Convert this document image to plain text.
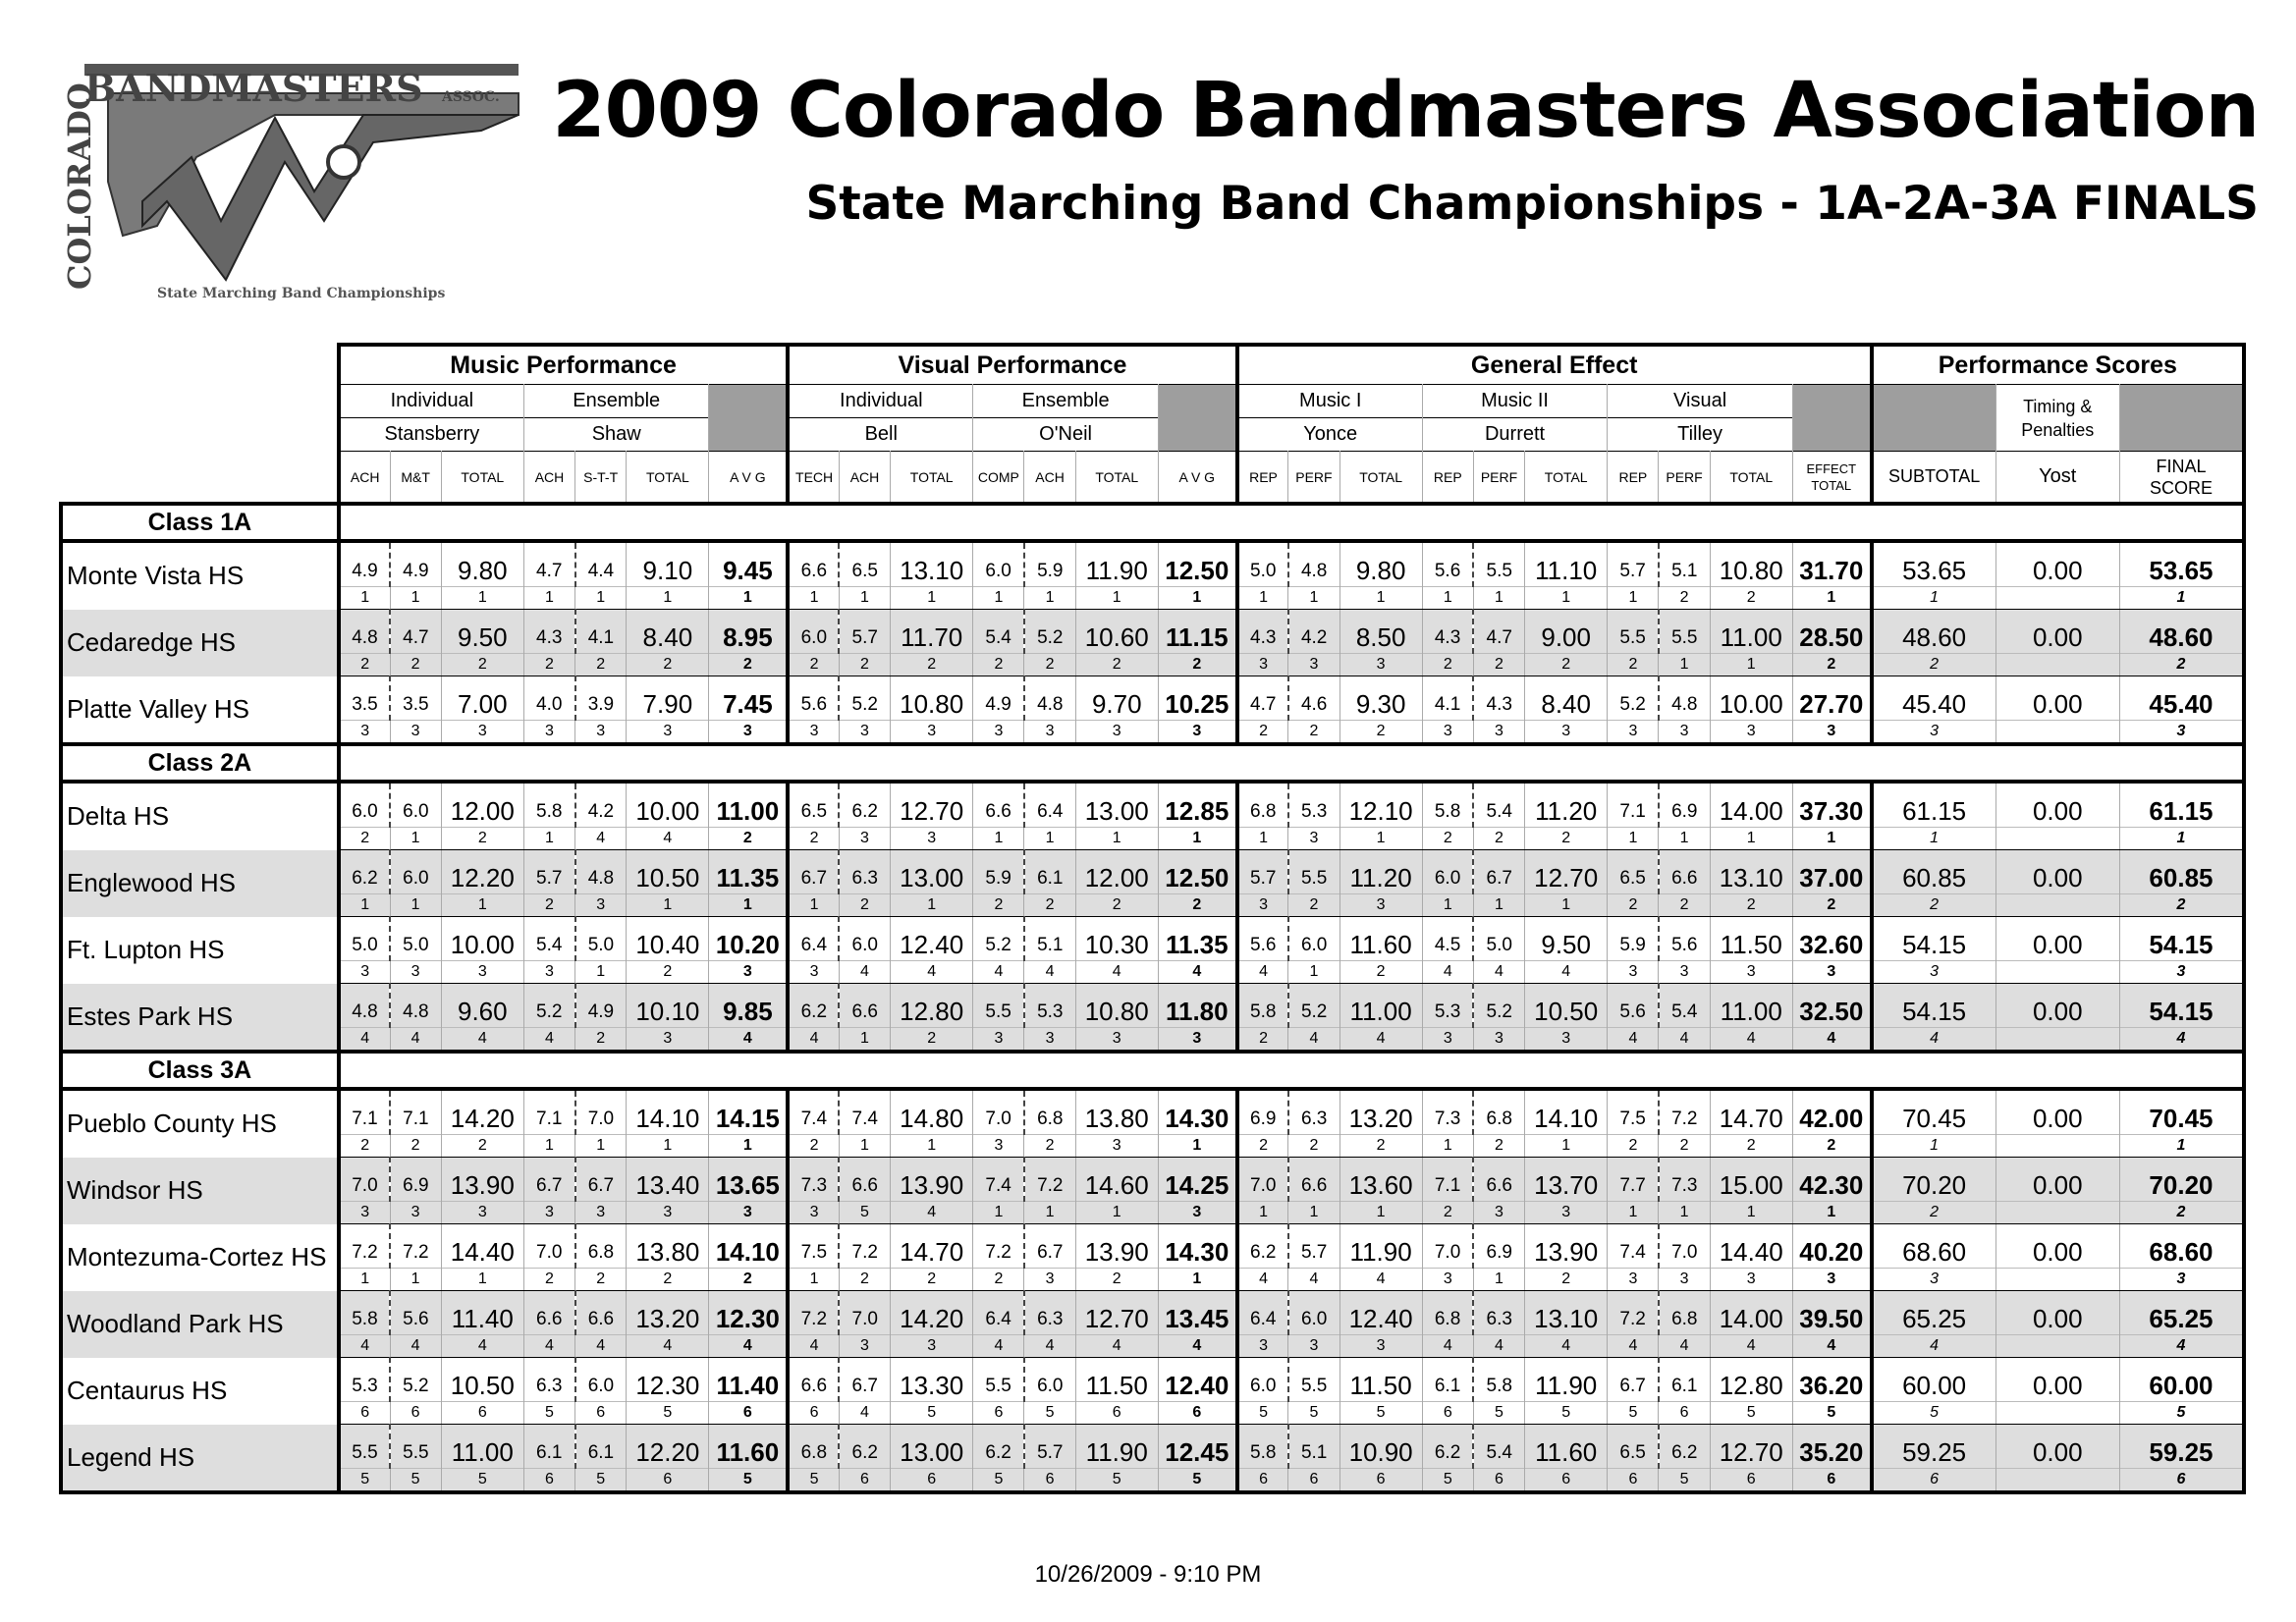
BANDMASTERS ASSOC.
COLORADO
State Marching Band Championships
2009 Colorado Bandmasters Association
State Marching Band Championships - 1A-2A-3A FINALS
	Music Performance							Visual Performance							General Effect										Performance Scores		
	Individual			Ensemble				Individual			Ensemble				Music I			Music II			Visual					Timing &
Penalties	
	Stansberry			Shaw				Bell			O'Neil				Yonce			Durrett			Tilley						
	ACH	M&T	TOTAL	ACH	S-T-T	TOTAL	A V G	TECH	ACH	TOTAL	COMP	ACH	TOTAL	A V G	REP	PERF	TOTAL	REP	PERF	TOTAL	REP	PERF	TOTAL	EFFECT
TOTAL	SUBTOTAL	Yost	FINAL
SCORE
Class 1A																											
Monte Vista HS	4.9	4.9	9.80	4.7	4.4	9.10	9.45	6.6	6.5	13.10	6.0	5.9	11.90	12.50	5.0	4.8	9.80	5.6	5.5	11.10	5.7	5.1	10.80	31.70	53.65	0.00	53.65
	1	1	1	1	1	1	1	1	1	1	1	1	1	1	1	1	1	1	1	1	1	2	2	1	1		1
Cedaredge HS	4.8	4.7	9.50	4.3	4.1	8.40	8.95	6.0	5.7	11.70	5.4	5.2	10.60	11.15	4.3	4.2	8.50	4.3	4.7	9.00	5.5	5.5	11.00	28.50	48.60	0.00	48.60
	2	2	2	2	2	2	2	2	2	2	2	2	2	2	3	3	3	2	2	2	2	1	1	2	2		2
Platte Valley HS	3.5	3.5	7.00	4.0	3.9	7.90	7.45	5.6	5.2	10.80	4.9	4.8	9.70	10.25	4.7	4.6	9.30	4.1	4.3	8.40	5.2	4.8	10.00	27.70	45.40	0.00	45.40
	3	3	3	3	3	3	3	3	3	3	3	3	3	3	2	2	2	3	3	3	3	3	3	3	3		3
Class 2A																											
Delta HS	6.0	6.0	12.00	5.8	4.2	10.00	11.00	6.5	6.2	12.70	6.6	6.4	13.00	12.85	6.8	5.3	12.10	5.8	5.4	11.20	7.1	6.9	14.00	37.30	61.15	0.00	61.15
	2	1	2	1	4	4	2	2	3	3	1	1	1	1	1	3	1	2	2	2	1	1	1	1	1		1
Englewood HS	6.2	6.0	12.20	5.7	4.8	10.50	11.35	6.7	6.3	13.00	5.9	6.1	12.00	12.50	5.7	5.5	11.20	6.0	6.7	12.70	6.5	6.6	13.10	37.00	60.85	0.00	60.85
	1	1	1	2	3	1	1	1	2	1	2	2	2	2	3	2	3	1	1	1	2	2	2	2	2		2
Ft. Lupton HS	5.0	5.0	10.00	5.4	5.0	10.40	10.20	6.4	6.0	12.40	5.2	5.1	10.30	11.35	5.6	6.0	11.60	4.5	5.0	9.50	5.9	5.6	11.50	32.60	54.15	0.00	54.15
	3	3	3	3	1	2	3	3	4	4	4	4	4	4	4	1	2	4	4	4	3	3	3	3	3		3
Estes Park HS	4.8	4.8	9.60	5.2	4.9	10.10	9.85	6.2	6.6	12.80	5.5	5.3	10.80	11.80	5.8	5.2	11.00	5.3	5.2	10.50	5.6	5.4	11.00	32.50	54.15	0.00	54.15
	4	4	4	4	2	3	4	4	1	2	3	3	3	3	2	4	4	3	3	3	4	4	4	4	4		4
Class 3A																											
Pueblo County HS	7.1	7.1	14.20	7.1	7.0	14.10	14.15	7.4	7.4	14.80	7.0	6.8	13.80	14.30	6.9	6.3	13.20	7.3	6.8	14.10	7.5	7.2	14.70	42.00	70.45	0.00	70.45
	2	2	2	1	1	1	1	2	1	1	3	2	3	1	2	2	2	1	2	1	2	2	2	2	1		1
Windsor HS	7.0	6.9	13.90	6.7	6.7	13.40	13.65	7.3	6.6	13.90	7.4	7.2	14.60	14.25	7.0	6.6	13.60	7.1	6.6	13.70	7.7	7.3	15.00	42.30	70.20	0.00	70.20
	3	3	3	3	3	3	3	3	5	4	1	1	1	3	1	1	1	2	3	3	1	1	1	1	2		2
Montezuma-Cortez HS	7.2	7.2	14.40	7.0	6.8	13.80	14.10	7.5	7.2	14.70	7.2	6.7	13.90	14.30	6.2	5.7	11.90	7.0	6.9	13.90	7.4	7.0	14.40	40.20	68.60	0.00	68.60
	1	1	1	2	2	2	2	1	2	2	2	3	2	1	4	4	4	3	1	2	3	3	3	3	3		3
Woodland Park HS	5.8	5.6	11.40	6.6	6.6	13.20	12.30	7.2	7.0	14.20	6.4	6.3	12.70	13.45	6.4	6.0	12.40	6.8	6.3	13.10	7.2	6.8	14.00	39.50	65.25	0.00	65.25
	4	4	4	4	4	4	4	4	3	3	4	4	4	4	3	3	3	4	4	4	4	4	4	4	4		4
Centaurus HS	5.3	5.2	10.50	6.3	6.0	12.30	11.40	6.6	6.7	13.30	5.5	6.0	11.50	12.40	6.0	5.5	11.50	6.1	5.8	11.90	6.7	6.1	12.80	36.20	60.00	0.00	60.00
	6	6	6	5	6	5	6	6	4	5	6	5	6	6	5	5	5	6	5	5	5	6	5	5	5		5
Legend HS	5.5	5.5	11.00	6.1	6.1	12.20	11.60	6.8	6.2	13.00	6.2	5.7	11.90	12.45	5.8	5.1	10.90	6.2	5.4	11.60	6.5	6.2	12.70	35.20	59.25	0.00	59.25
	5	5	5	6	5	6	5	5	6	6	5	6	5	5	6	6	6	5	6	6	6	5	6	6	6		6
10/26/2009 - 9:10 PM
